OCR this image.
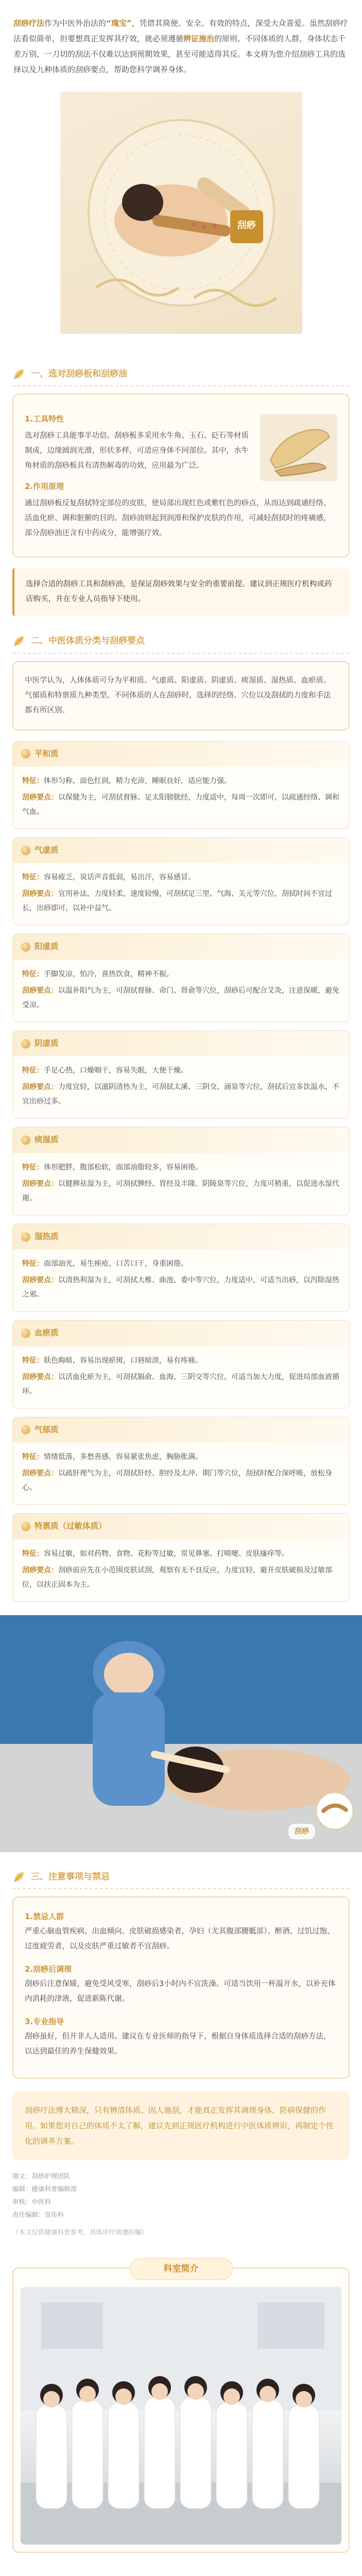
刮痧疗法作为中医外治法的“瑰宝”，凭借其简便、安全、有效的特点，深受大众喜爱。虽然刮痧疗法看似简单，但要想真正发挥其疗效，就必须遵循辨证施治的原则。不同体质的人群，身体状态千差万别，一刀切的刮法不仅难以达到预期效果，甚至可能适得其反。本文将为您介绍刮痧工具的选择以及九种体质的刮痧要点，帮助您科学调养身体。
刮痧
一、选对刮痧板和刮痧油
1.工具特性
选对刮痧工具能事半功倍。刮痧板多采用水牛角、玉石、砭石等材质制成，边缘圆润光滑，形状多样，可适应身体不同部位。其中，水牛角材质的刮痧板具有清热解毒的功效，应用最为广泛。
2.作用原理
通过刮痧板反复刮拭特定部位的皮肤，使局部出现红色或紫红色的痧点，从而达到疏通经络、活血化瘀、调和脏腑的目的。刮痧油则起到润滑和保护皮肤的作用，可减轻刮拭时的疼痛感，部分刮痧油还含有中药成分，能增强疗效。
选择合适的刮痧工具和刮痧油，是保证刮痧效果与安全的重要前提。建议到正规医疗机构或药店购买，并在专业人员指导下使用。
二、中医体质分类与刮痧要点
中医学认为，人体体质可分为平和质、气虚质、阳虚质、阴虚质、痰湿质、湿热质、血瘀质、气郁质和特禀质九种类型。不同体质的人在刮痧时，选择的经络、穴位以及刮拭的力度和手法都有所区别。
平和质

特征：体形匀称，面色红润，精力充沛，睡眠良好，适应能力强。

刮痧要点：以保健为主，可刮拭督脉、足太阳膀胱经，力度适中，每周一次即可，以疏通经络、调和气血。

气虚质

特征：容易疲乏，说话声音低弱，易出汗，容易感冒。

刮痧要点：宜用补法，力度轻柔，速度较慢，可刮拭足三里、气海、关元等穴位，刮拭时间不宜过长，出痧即可，以补中益气。

阳虚质

特征：手脚发凉，怕冷，喜热饮食，精神不振。

刮痧要点：以温补阳气为主，可刮拭督脉、命门、肾俞等穴位，刮痧后可配合艾灸，注意保暖，避免受凉。

阴虚质

特征：手足心热，口燥咽干，容易失眠，大便干燥。

刮痧要点：力度宜轻，以滋阴清热为主，可刮拭太溪、三阴交、涌泉等穴位，刮拭后宜多饮温水，不宜出痧过多。

痰湿质

特征：体形肥胖，腹部松软，面部油脂较多，容易困倦。

刮痧要点：以健脾祛湿为主，可刮拭脾经、胃经及丰隆、阴陵泉等穴位，力度可稍重，以促进水湿代谢。

湿热质

特征：面部油光，易生痤疮，口苦口干，身重困倦。

刮痧要点：以清热利湿为主，可刮拭大椎、曲池、委中等穴位，力度适中，可适当出痧，以泻除湿热之邪。

血瘀质

特征：肤色晦暗，容易出现瘀斑，口唇暗淡，易有疼痛。

刮痧要点：以活血化瘀为主，可刮拭膈俞、血海、三阴交等穴位，可适当加大力度，促进局部血液循环。

气郁质

特征：情绪低落，多愁善感，容易紧张焦虑，胸胁胀满。

刮痧要点：以疏肝理气为主，可刮拭肝经、胆经及太冲、期门等穴位，刮拭时配合深呼吸，放松身心。

特禀质（过敏体质）

特征：容易过敏，如对药物、食物、花粉等过敏，常见鼻塞、打喷嚏、皮肤瘙痒等。

刮痧要点：刮痧前应先在小范围皮肤试刮，观察有无不良反应，力度宜轻，避开皮肤破损及过敏部位，以扶正固本为主。

刮痧
三、注意事项与禁忌
1.禁忌人群
严重心脑血管疾病、出血倾向、皮肤破损感染者，孕妇（尤其腹部腰骶部）、醉酒、过饥过饱、过度疲劳者，以及皮肤严重过敏者不宜刮痧。
2.刮痧后调理
刮痧后注意保暖，避免受风受寒，刮痧后3小时内不宜洗澡。可适当饮用一杯温开水，以补充体内消耗的津液，促进新陈代谢。
3.专业指导
刮痧虽好，但并非人人适用。建议在专业医师的指导下，根据自身体质选择合适的刮痧方法，以达到最佳的养生保健效果。
刮痧疗法博大精深，只有辨清体质、因人施刮，才能真正发挥其调理身体、防病保健的作用。如果您对自己的体质不太了解，建议先到正规医疗机构进行中医体质辨识，再制定个性化的调养方案。

图文：刮痧护理团队

编辑：健康科普编辑部

审核：中医科

责任编辑：宣传科

（本文仅供健康科普参考，具体诊疗请遵医嘱）
科室简介
